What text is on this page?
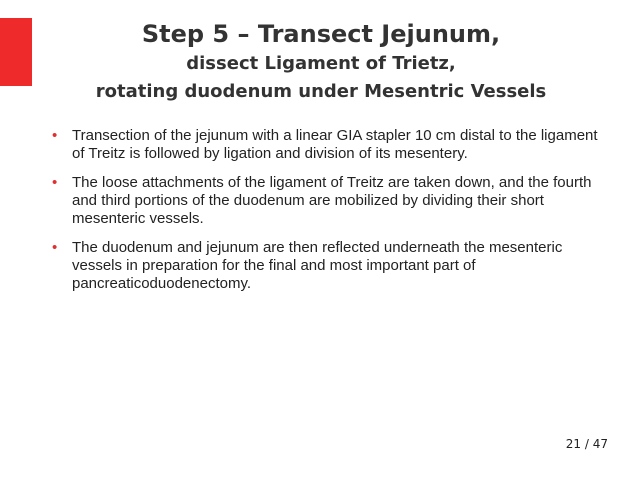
Step 5 – Transect Jejunum,

dissect Ligament of Trietz,

rotating duodenum under Mesentric Vessels

• Transection of the jejunum with a linear GIA stapler 10 cm distal to the ligament of Treitz is followed by ligation and division of its mesentery.
• The loose attachments of the ligament of Treitz are taken down, and the fourth and third portions of the duodenum are mobilized by dividing their short mesenteric vessels.
• The duodenum and jejunum are then reflected underneath the mesenteric vessels in preparation for the final and most important part of pancreaticoduodenectomy.
21 / 47
